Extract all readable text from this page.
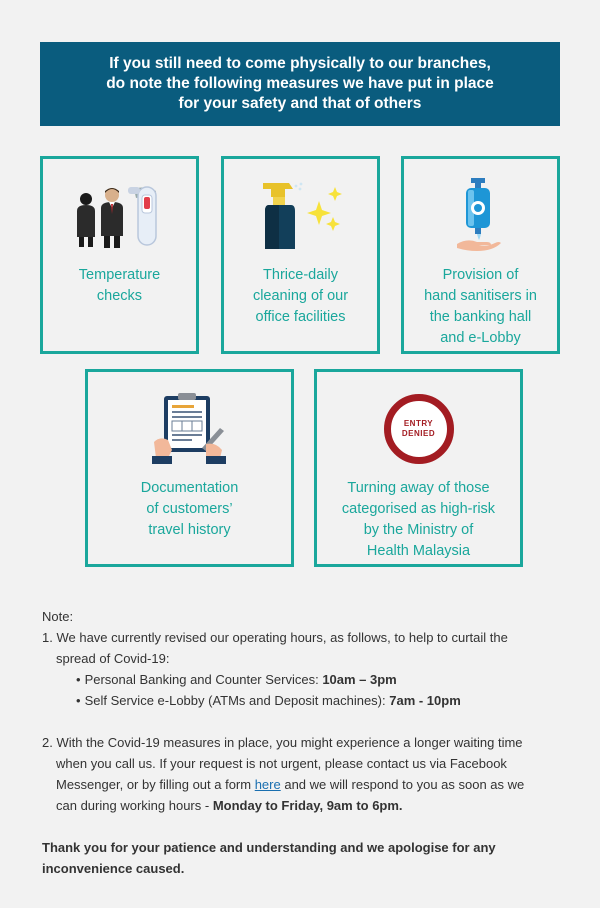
If you still need to come physically to our branches,
do note the following measures we have put in place
for your safety and that of others
Temperature
checks
Thrice-daily
cleaning of our
office facilities
Provision of
hand sanitisers in
the banking hall
and e-Lobby
Documentation
of customers’
travel history
ENTRY
DENIED
Turning away of those
categorised as high-risk
by the Ministry of
Health Malaysia

Note:

1. We have currently revised our operating hours, as follows, to help to curtail the

spread of Covid-19:

• Personal Banking and Counter Services: 10am – 3pm
• Self Service e-Lobby (ATMs and Deposit machines): 7am - 10pm

2. With the Covid-19 measures in place, you might experience a longer waiting time

when you call us. If your request is not urgent, please contact us via Facebook

Messenger, or by filling out a form here and we will respond to you as soon as we

can during working hours - Monday to Friday, 9am to 6pm.

Thank you for your patience and understanding and we apologise for any
inconvenience caused.
